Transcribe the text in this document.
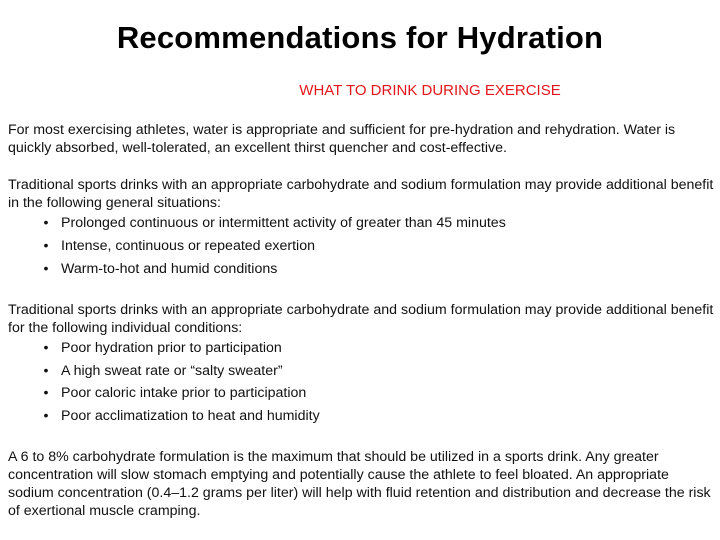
Recommendations for Hydration
WHAT TO DRINK DURING EXERCISE

For most exercising athletes, water is appropriate and sufficient for pre-hydration and rehydration. Water is quickly absorbed, well-tolerated, an excellent thirst quencher and cost-effective.

Traditional sports drinks with an appropriate carbohydrate and sodium formulation may provide additional benefit in the following general situations:

• Prolonged continuous or intermittent activity of greater than 45 minutes
• Intense, continuous or repeated exertion
• Warm-to-hot and humid conditions

Traditional sports drinks with an appropriate carbohydrate and sodium formulation may provide additional benefit for the following individual conditions:

• Poor hydration prior to participation
• A high sweat rate or “salty sweater”
• Poor caloric intake prior to participation
• Poor acclimatization to heat and humidity

A 6 to 8% carbohydrate formulation is the maximum that should be utilized in a sports drink. Any greater concentration will slow stomach emptying and potentially cause the athlete to feel bloated. An appropriate sodium concentration (0.4–1.2 grams per liter) will help with fluid retention and distribution and decrease the risk of exertional muscle cramping.
